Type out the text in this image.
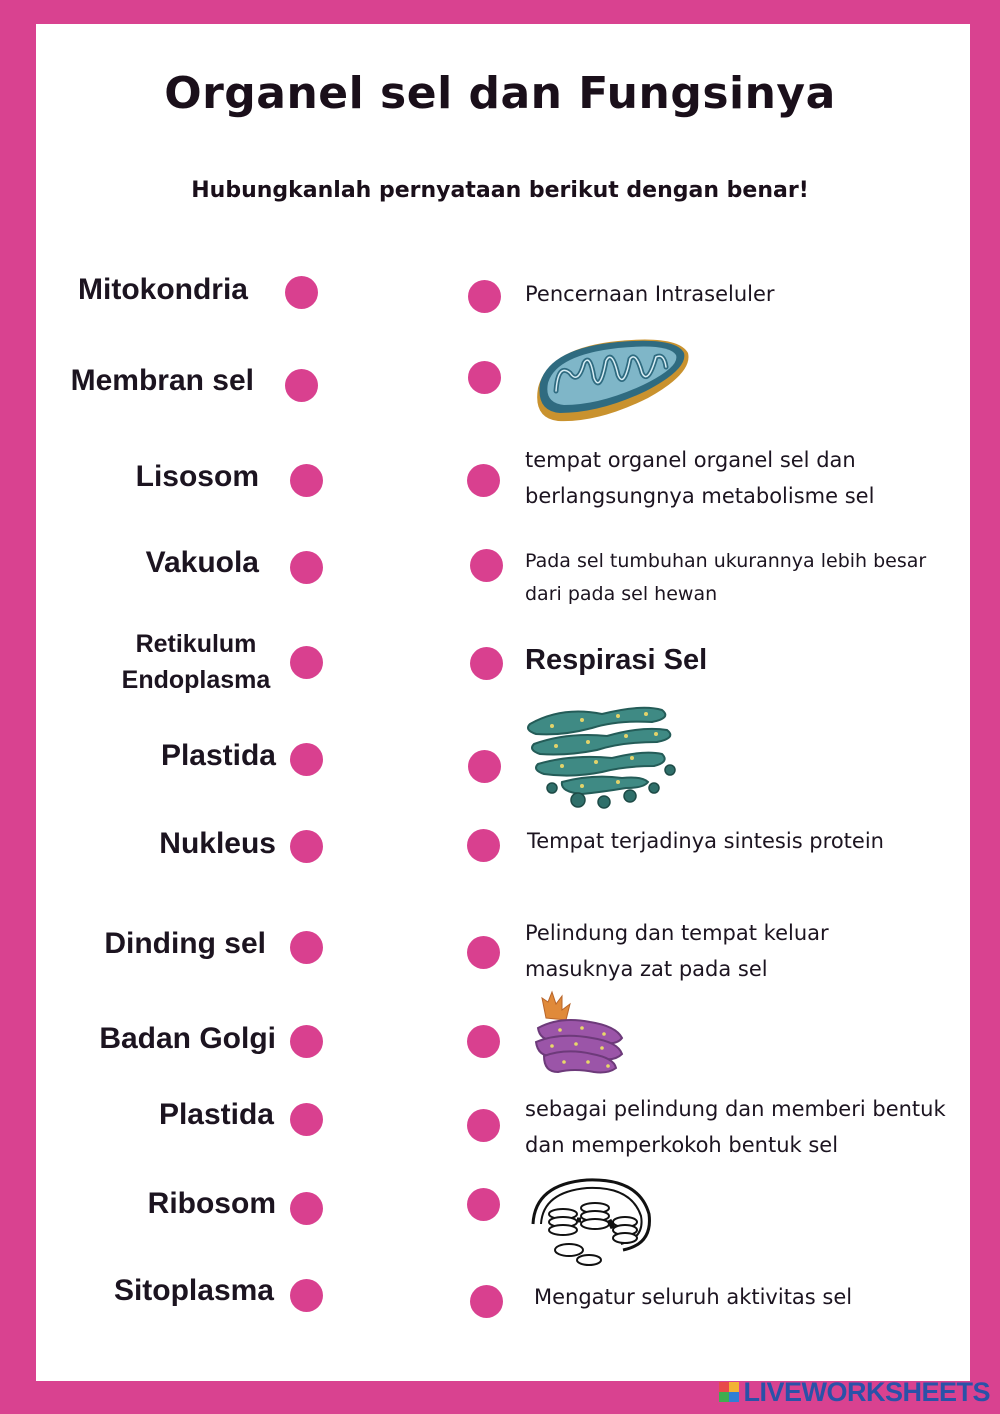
Organel sel dan Fungsinya
Hubungkanlah pernyataan berikut dengan benar!
Mitokondria
Membran sel
Lisosom
Vakuola
Retikulum
Endoplasma
Plastida
Nukleus
Dinding sel
Badan Golgi
Plastida
Ribosom
Sitoplasma
Pencernaan Intraseluler
tempat organel organel sel dan
berlangsungnya metabolisme sel
Pada sel tumbuhan ukurannya lebih besar
dari pada sel hewan
Respirasi Sel
Tempat terjadinya sintesis protein
Pelindung dan tempat keluar
masuknya zat pada sel
sebagai pelindung dan memberi bentuk
dan memperkokoh bentuk sel
Mengatur seluruh aktivitas sel
LIVEWORKSHEETS
